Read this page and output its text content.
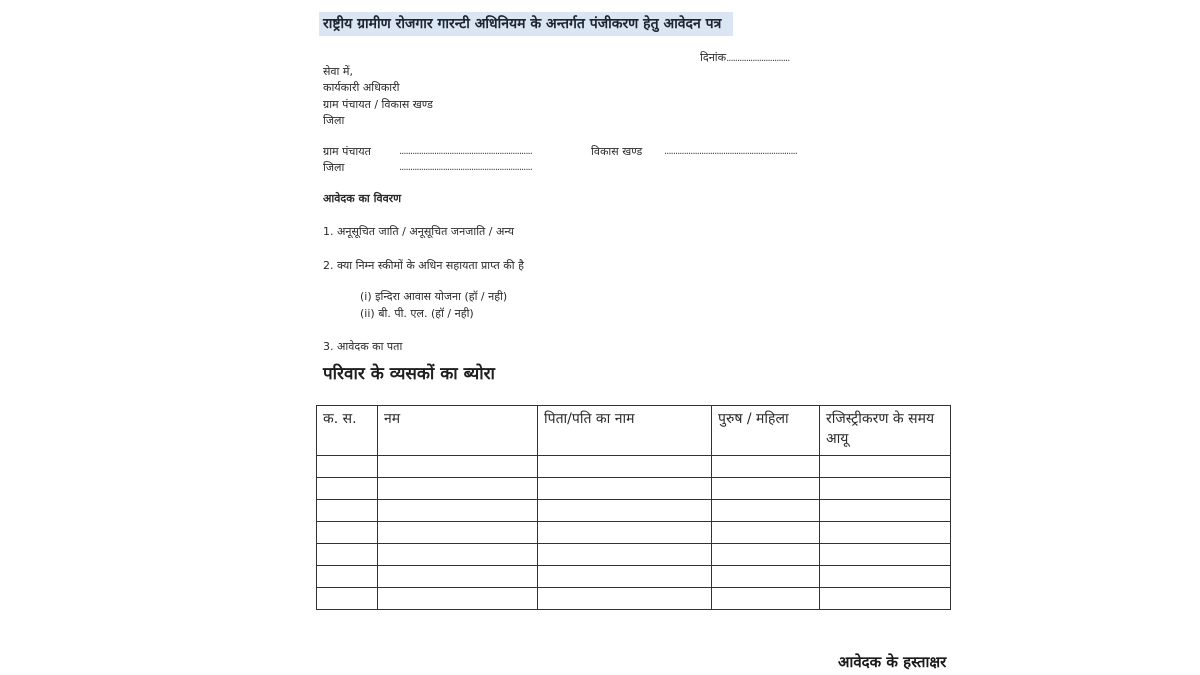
राष्ट्रीय ग्रामीण रोजगार गारन्टी अधिनियम के अन्तर्गत पंजीकरण हेतु आवेदन पत्र
दिनांक.............................
सेवा में,
कार्यकारी अधिकारी
ग्राम पंचायत / विकास खण्ड
जिला
ग्राम पंचायत	.............................................................	विकास खण्ड .............................................................
जिला	.............................................................
आवेदक का विवरण
1. अनूसूचित जाति / अनूसूचित जनजाति / अन्य
2. क्या निम्न स्कीमों के अधिन सहायता प्राप्त की है
(i) इन्दिरा आवास योजना (हॉ / नही)
(ii) बी. पी. एल. (हॉ / नही)
3. आवेदक का पता
परिवार के व्यसकों का ब्योरा
क. स.	नम	पिता/पति का नाम	पुरुष / महिला	रजिस्ट्रीकरण के समय आयू

आवेदक के हस्ताक्षर
